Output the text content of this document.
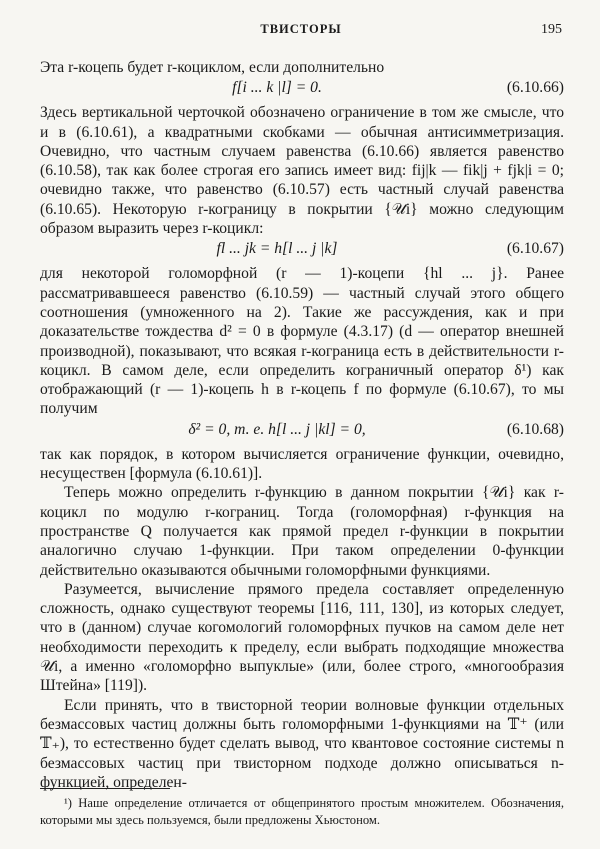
ТВИСТОРЫ	195

Эта r-коцепь будет r-коциклом, если дополнительно

f[i ... k |l] = 0.	(6.10.66)

Здесь вертикальной черточкой обозначено ограничение в том же смысле, что и в (6.10.61), а квадратными скобками — обычная антисимметризация. Очевидно, что частным случаем равенства (6.10.66) является равенство (6.10.58), так как более строгая его запись имеет вид: fij|k — fik|j + fjk|i = 0; очевидно также, что равенство (6.10.57) есть частный случай равенства (6.10.65). Некоторую r-кограницу в покрытии {𝒰i} можно следующим образом выразить через r-коцикл:

fl ... jk = h[l ... j |k]	(6.10.67)

для некоторой голоморфной (r — 1)-коцепи {hl ... j}. Ранее рассматривавшееся равенство (6.10.59) — частный случай этого общего соотношения (умноженного на 2). Такие же рассуждения, как и при доказательстве тождества d² = 0 в формуле (4.3.17) (d — оператор внешней производной), показывают, что всякая r-кограница есть в действительности r-коцикл. В самом деле, если определить кограничный оператор δ¹) как отображающий (r — 1)-коцепь h в r-коцепь f по формуле (6.10.67), то мы получим

δ² = 0, т. е. h[l ... j |kl] = 0,	(6.10.68)

так как порядок, в котором вычисляется ограничение функции, очевидно, несуществен [формула (6.10.61)].

Теперь можно определить r-функцию в данном покрытии {𝒰i} как r-коцикл по модулю r-кограниц. Тогда (голоморфная) r-функция на пространстве Q получается как прямой предел r-функции в покрытии аналогично случаю 1-функции. При таком определении 0-функции действительно оказываются обычными голоморфными функциями.

Разумеется, вычисление прямого предела составляет определенную сложность, однако существуют теоремы [116, 111, 130], из которых следует, что в (данном) случае когомологий голоморфных пучков на самом деле нет необходимости переходить к пределу, если выбрать подходящие множества 𝒰i, а именно «голоморфно выпуклые» (или, более строго, «многообразия Штейна» [119]).

Если принять, что в твисторной теории волновые функции отдельных безмассовых частиц должны быть голоморфными 1-функциями на 𝕋⁺ (или 𝕋₊), то естественно будет сделать вывод, что квантовое состояние системы n безмассовых частиц при твисторном подходе должно описываться n-функцией, определен-

¹) Наше определение отличается от общепринятого простым множителем. Обозначения, которыми мы здесь пользуемся, были предложены Хьюстоном.
